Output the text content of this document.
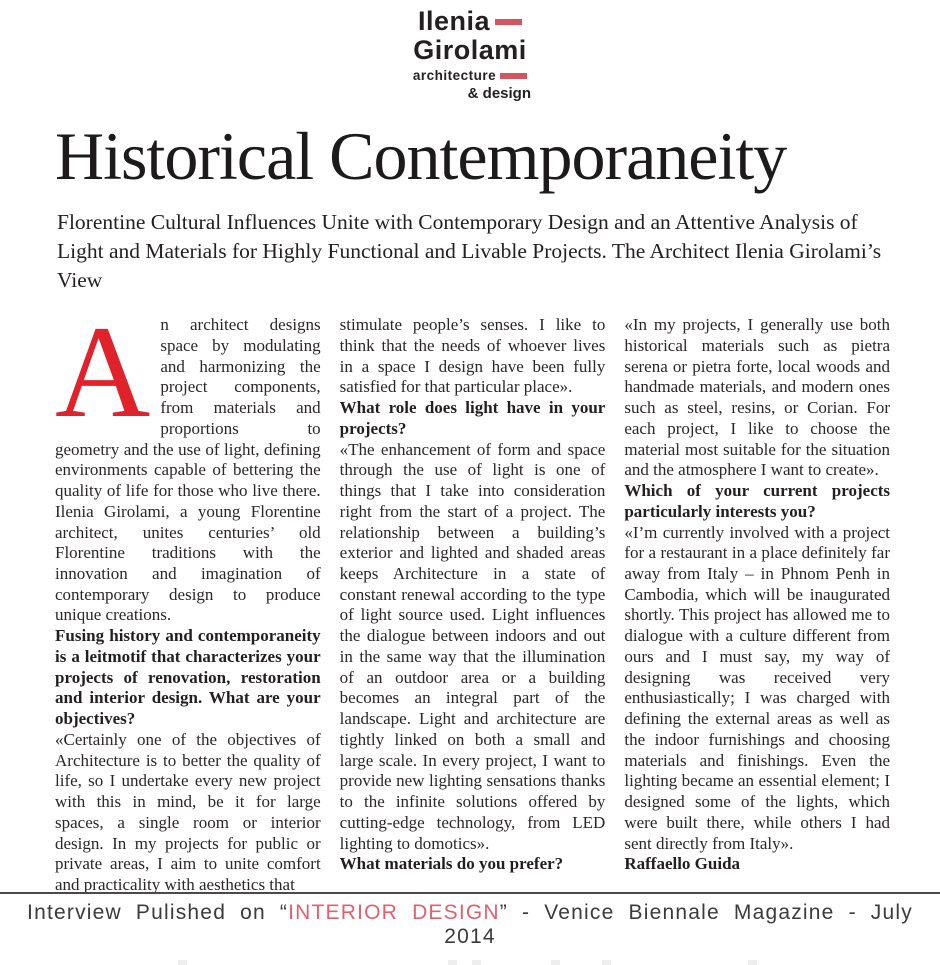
Ilenia
Girolami
architecture
& design
Historical Contemporaneity

Florentine Cultural Influences Unite with Contemporary Design and an Attentive Analysis of Light and Materials for Highly Functional and Livable Projects. The Architect Ilenia Girolami’s View

An architect designs space by modulating and harmonizing the project components, from materials and proportions to geometry and the use of light, defining environments capable of bettering the quality of life for those who live there. Ilenia Girolami, a young Florentine architect, unites centuries’ old Florentine traditions with the innovation and imagination of contemporary design to produce unique creations.

Fusing history and contemporaneity is a leitmotif that characterizes your projects of renovation, restoration and interior design. What are your objectives?

«Certainly one of the objectives of Architecture is to better the quality of life, so I undertake every new project with this in mind, be it for large spaces, a single room or interior design. In my projects for public or private areas, I aim to unite comfort and practicality with aesthetics that

stimulate people’s senses. I like to think that the needs of whoever lives in a space I design have been fully satisfied for that particular place».

What role does light have in your projects?

«The enhancement of form and space through the use of light is one of things that I take into consideration right from the start of a project. The relationship between a building’s exterior and lighted and shaded areas keeps Architecture in a state of constant renewal according to the type of light source used. Light influences the dialogue between indoors and out in the same way that the illumination of an outdoor area or a building becomes an integral part of the landscape. Light and architecture are tightly linked on both a small and large scale. In every project, I want to provide new lighting sensations thanks to the infinite solutions offered by cutting-edge technology, from LED lighting to domotics».

What materials do you prefer?

«In my projects, I generally use both historical materials such as pietra serena or pietra forte, local woods and handmade materials, and modern ones such as steel, resins, or Corian. For each project, I like to choose the material most suitable for the situation and the atmosphere I want to create».

Which of your current projects particularly interests you?

«I’m currently involved with a project for a restaurant in a place definitely far away from Italy – in Phnom Penh in Cambodia, which will be inaugurated shortly. This project has allowed me to dialogue with a culture different from ours and I must say, my way of designing was received very enthusiastically; I was charged with defining the external areas as well as the indoor furnishings and choosing materials and finishings. Even the lighting became an essential element; I designed some of the lights, which were built there, while others I had sent directly from Italy».

Raffaello Guida

Interview Pulished on “INTERIOR DESIGN” - Venice Biennale Magazine - July 2014
